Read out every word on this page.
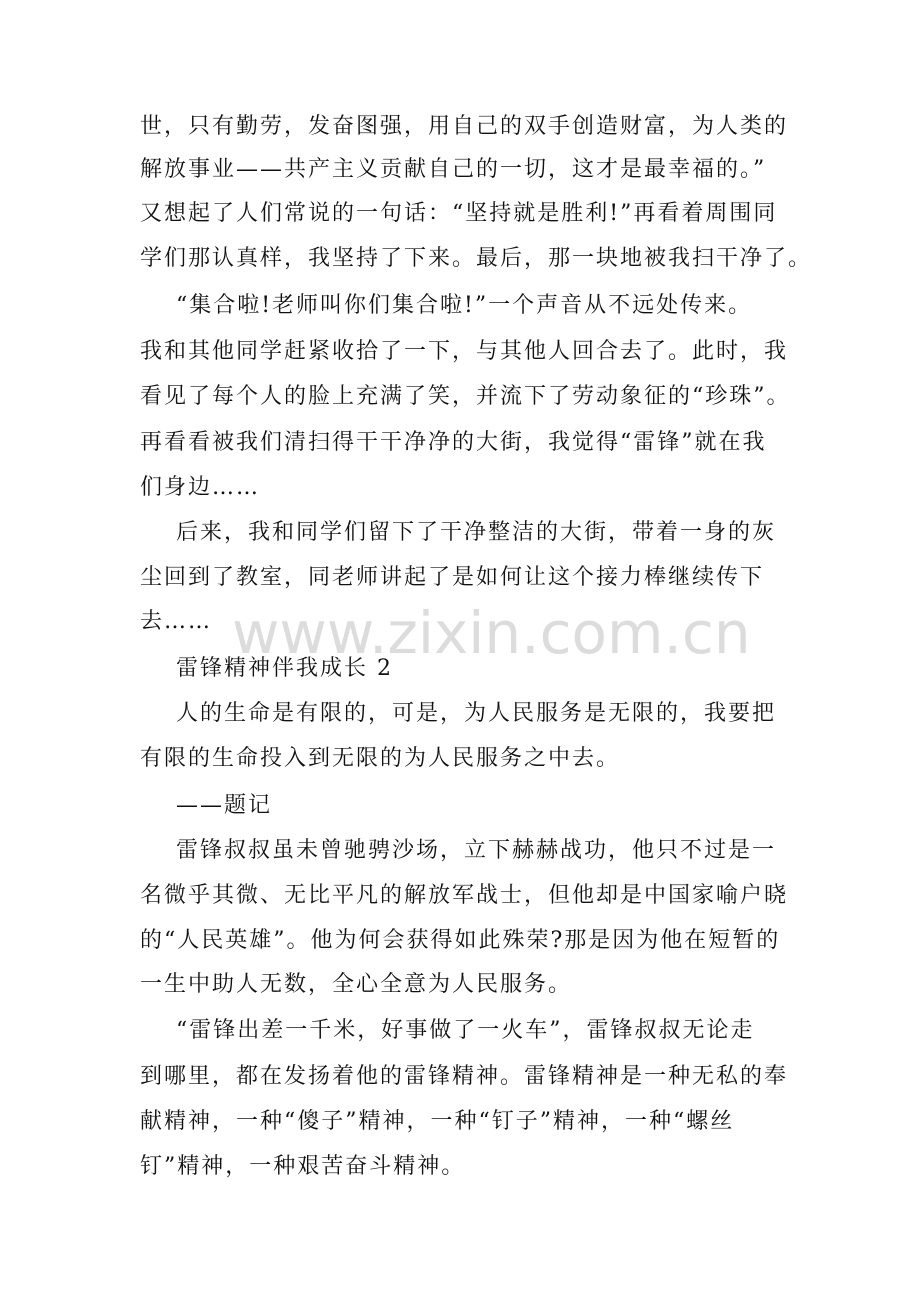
www.zixin.com.cn
世，只有勤劳，发奋图强，用自己的双手创造财富，为人类的
解放事业——共产主义贡献自己的一切，这才是最幸福的。”
又想起了人们常说的一句话：“坚持就是胜利!”再看着周围同
学们那认真样，我坚持了下来。最后，那一块地被我扫干净了。
“集合啦!老师叫你们集合啦!”一个声音从不远处传来。
我和其他同学赶紧收拾了一下，与其他人回合去了。此时，我
看见了每个人的脸上充满了笑，并流下了劳动象征的“珍珠”。
再看看被我们清扫得干干净净的大街，我觉得“雷锋”就在我
们身边……
后来，我和同学们留下了干净整洁的大街，带着一身的灰
尘回到了教室，同老师讲起了是如何让这个接力棒继续传下
去……
雷锋精神伴我成长 2
人的生命是有限的，可是，为人民服务是无限的，我要把
有限的生命投入到无限的为人民服务之中去。
——题记
雷锋叔叔虽未曾驰骋沙场，立下赫赫战功，他只不过是一
名微乎其微、无比平凡的解放军战士，但他却是中国家喻户晓
的“人民英雄”。他为何会获得如此殊荣?那是因为他在短暂的
一生中助人无数，全心全意为人民服务。
“雷锋出差一千米，好事做了一火车”，雷锋叔叔无论走
到哪里，都在发扬着他的雷锋精神。雷锋精神是一种无私的奉
献精神，一种“傻子”精神，一种“钉子”精神，一种“螺丝
钉”精神，一种艰苦奋斗精神。
